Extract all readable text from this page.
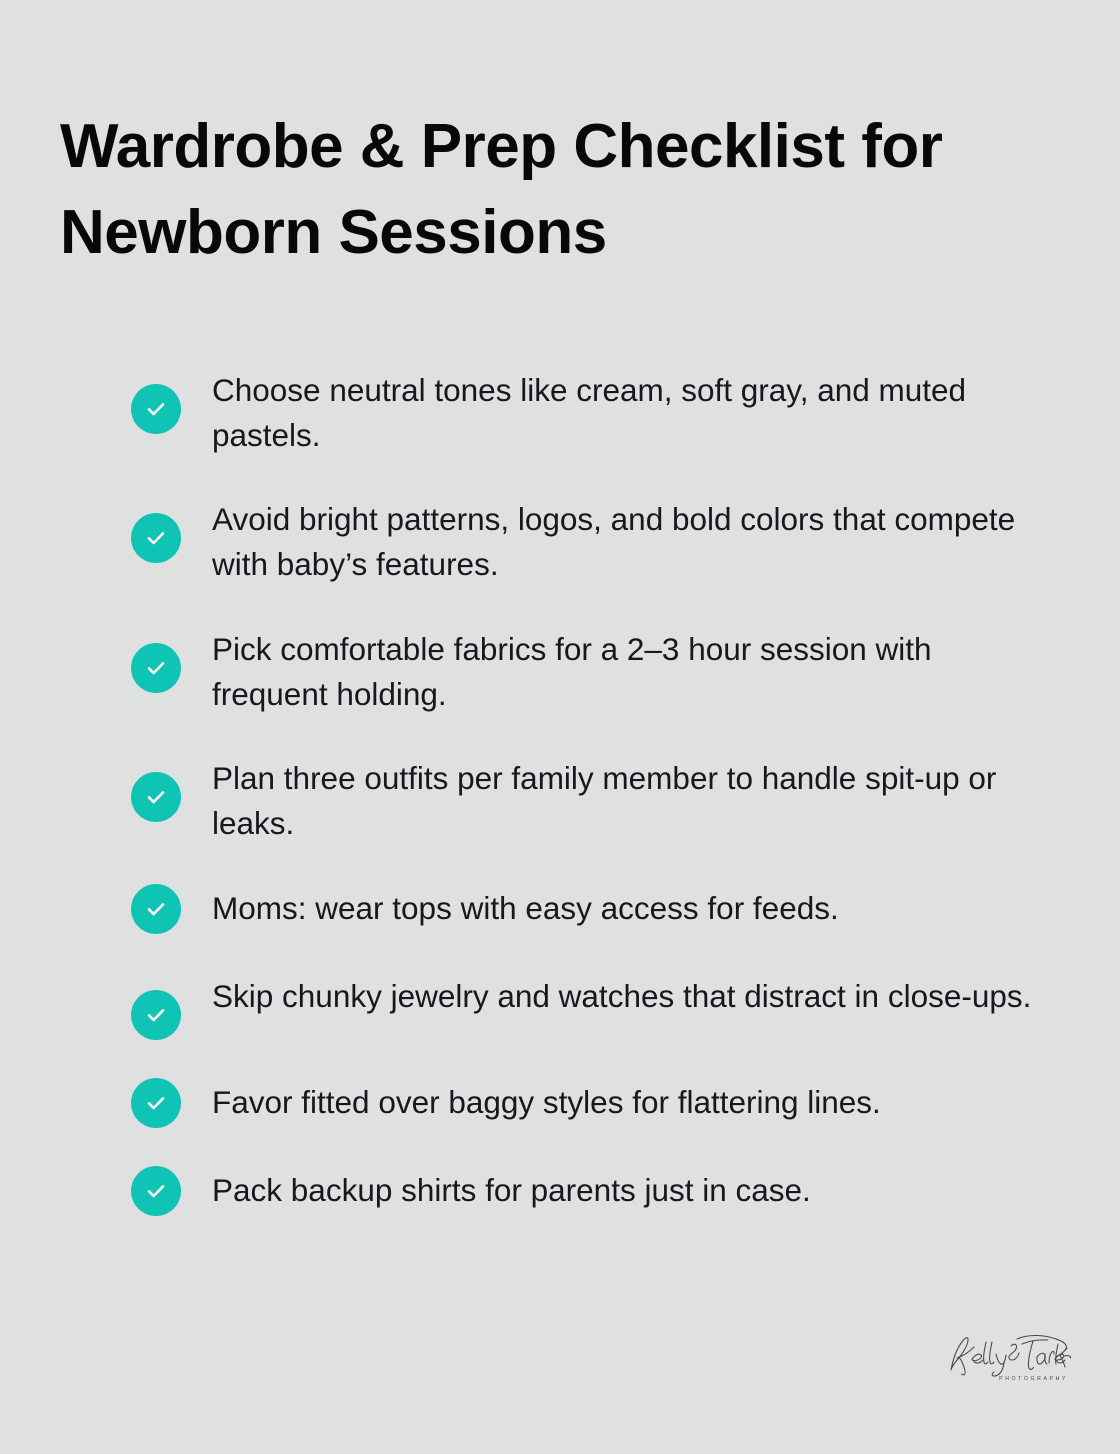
Wardrobe & Prep Checklist for Newborn Sessions
Choose neutral tones like cream, soft gray, and muted pastels.
Avoid bright patterns, logos, and bold colors that compete with baby’s features.
Pick comfortable fabrics for a 2–3 hour session with frequent holding.
Plan three outfits per family member to handle spit-up or leaks.
Moms: wear tops with easy access for feeds.
Skip chunky jewelry and watches that distract in close-ups.
Favor fitted over baggy styles for flattering lines.
Pack backup shirts for parents just in case.
PHOTOGRAPHY
